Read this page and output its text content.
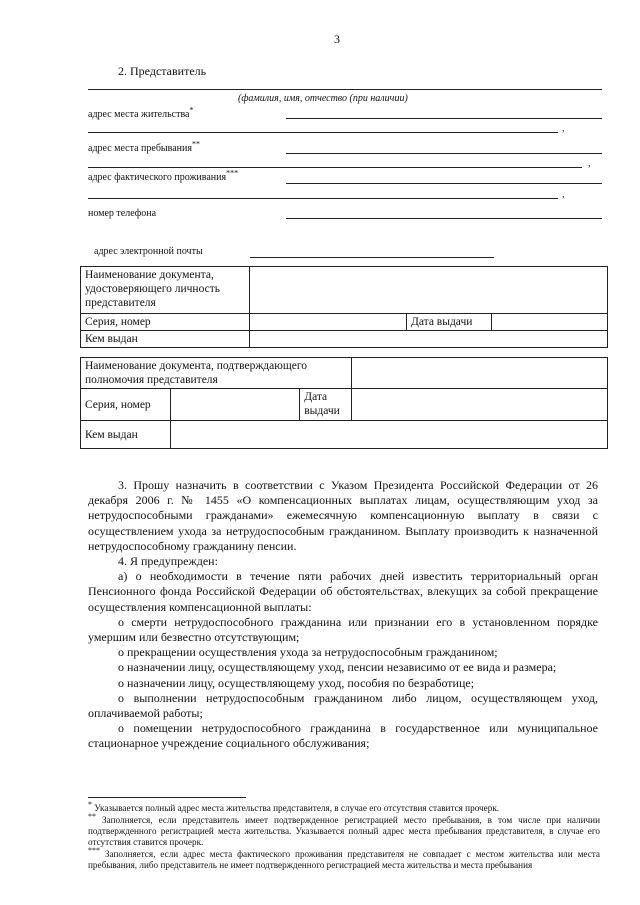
3
2. Представитель
(фамилия, имя, отчество (при наличии)
адрес места жительства*
,
адрес места пребывания**
,
адрес фактического проживания***
,
номер телефона
адрес электронной почты
Наименование документа, удостоверяющего личность представителя			
Серия, номер		Дата выдачи	
Кем выдан			
Наименование документа, подтверждающего полномочия представителя			
Серия, номер		Дата выдачи	
Кем выдан			

3. Прошу назначить в соответствии с Указом Президента Российской Федерации от 26 декабря 2006 г. № 1455 «О компенсационных выплатах лицам, осуществляющим уход за нетрудоспособными гражданами» ежемесячную компенсационную выплату в связи с осуществлением ухода за нетрудоспособным гражданином. Выплату производить к назначенной нетрудоспособному гражданину пенсии.

4. Я предупрежден:

а) о необходимости в течение пяти рабочих дней известить территориальный орган Пенсионного фонда Российской Федерации об обстоятельствах, влекущих за собой прекращение осуществления компенсационной выплаты:

о смерти нетрудоспособного гражданина или признании его в установленном порядке умершим или безвестно отсутствующим;

о прекращении осуществления ухода за нетрудоспособным гражданином;

о назначении лицу, осуществляющему уход, пенсии независимо от ее вида и размера;

о назначении лицу, осуществляющему уход, пособия по безработице;

о выполнении нетрудоспособным гражданином либо лицом, осуществляющем уход, оплачиваемой работы;

о помещении нетрудоспособного гражданина в государственное или муниципальное стационарное учреждение социального обслуживания;

* Указывается полный адрес места жительства представителя, в случае его отсутствия ставится прочерк.

** Заполняется, если представитель имеет подтвержденное регистрацией место пребывания, в том числе при наличии подтвержденного регистрацией места жительства. Указывается полный адрес места пребывания представителя, в случае его отсутствия ставится прочерк.

*** Заполняется, если адрес места фактического проживания представителя не совпадает с местом жительства или места пребывания, либо представитель не имеет подтвержденного регистрацией места жительства и места пребывания
